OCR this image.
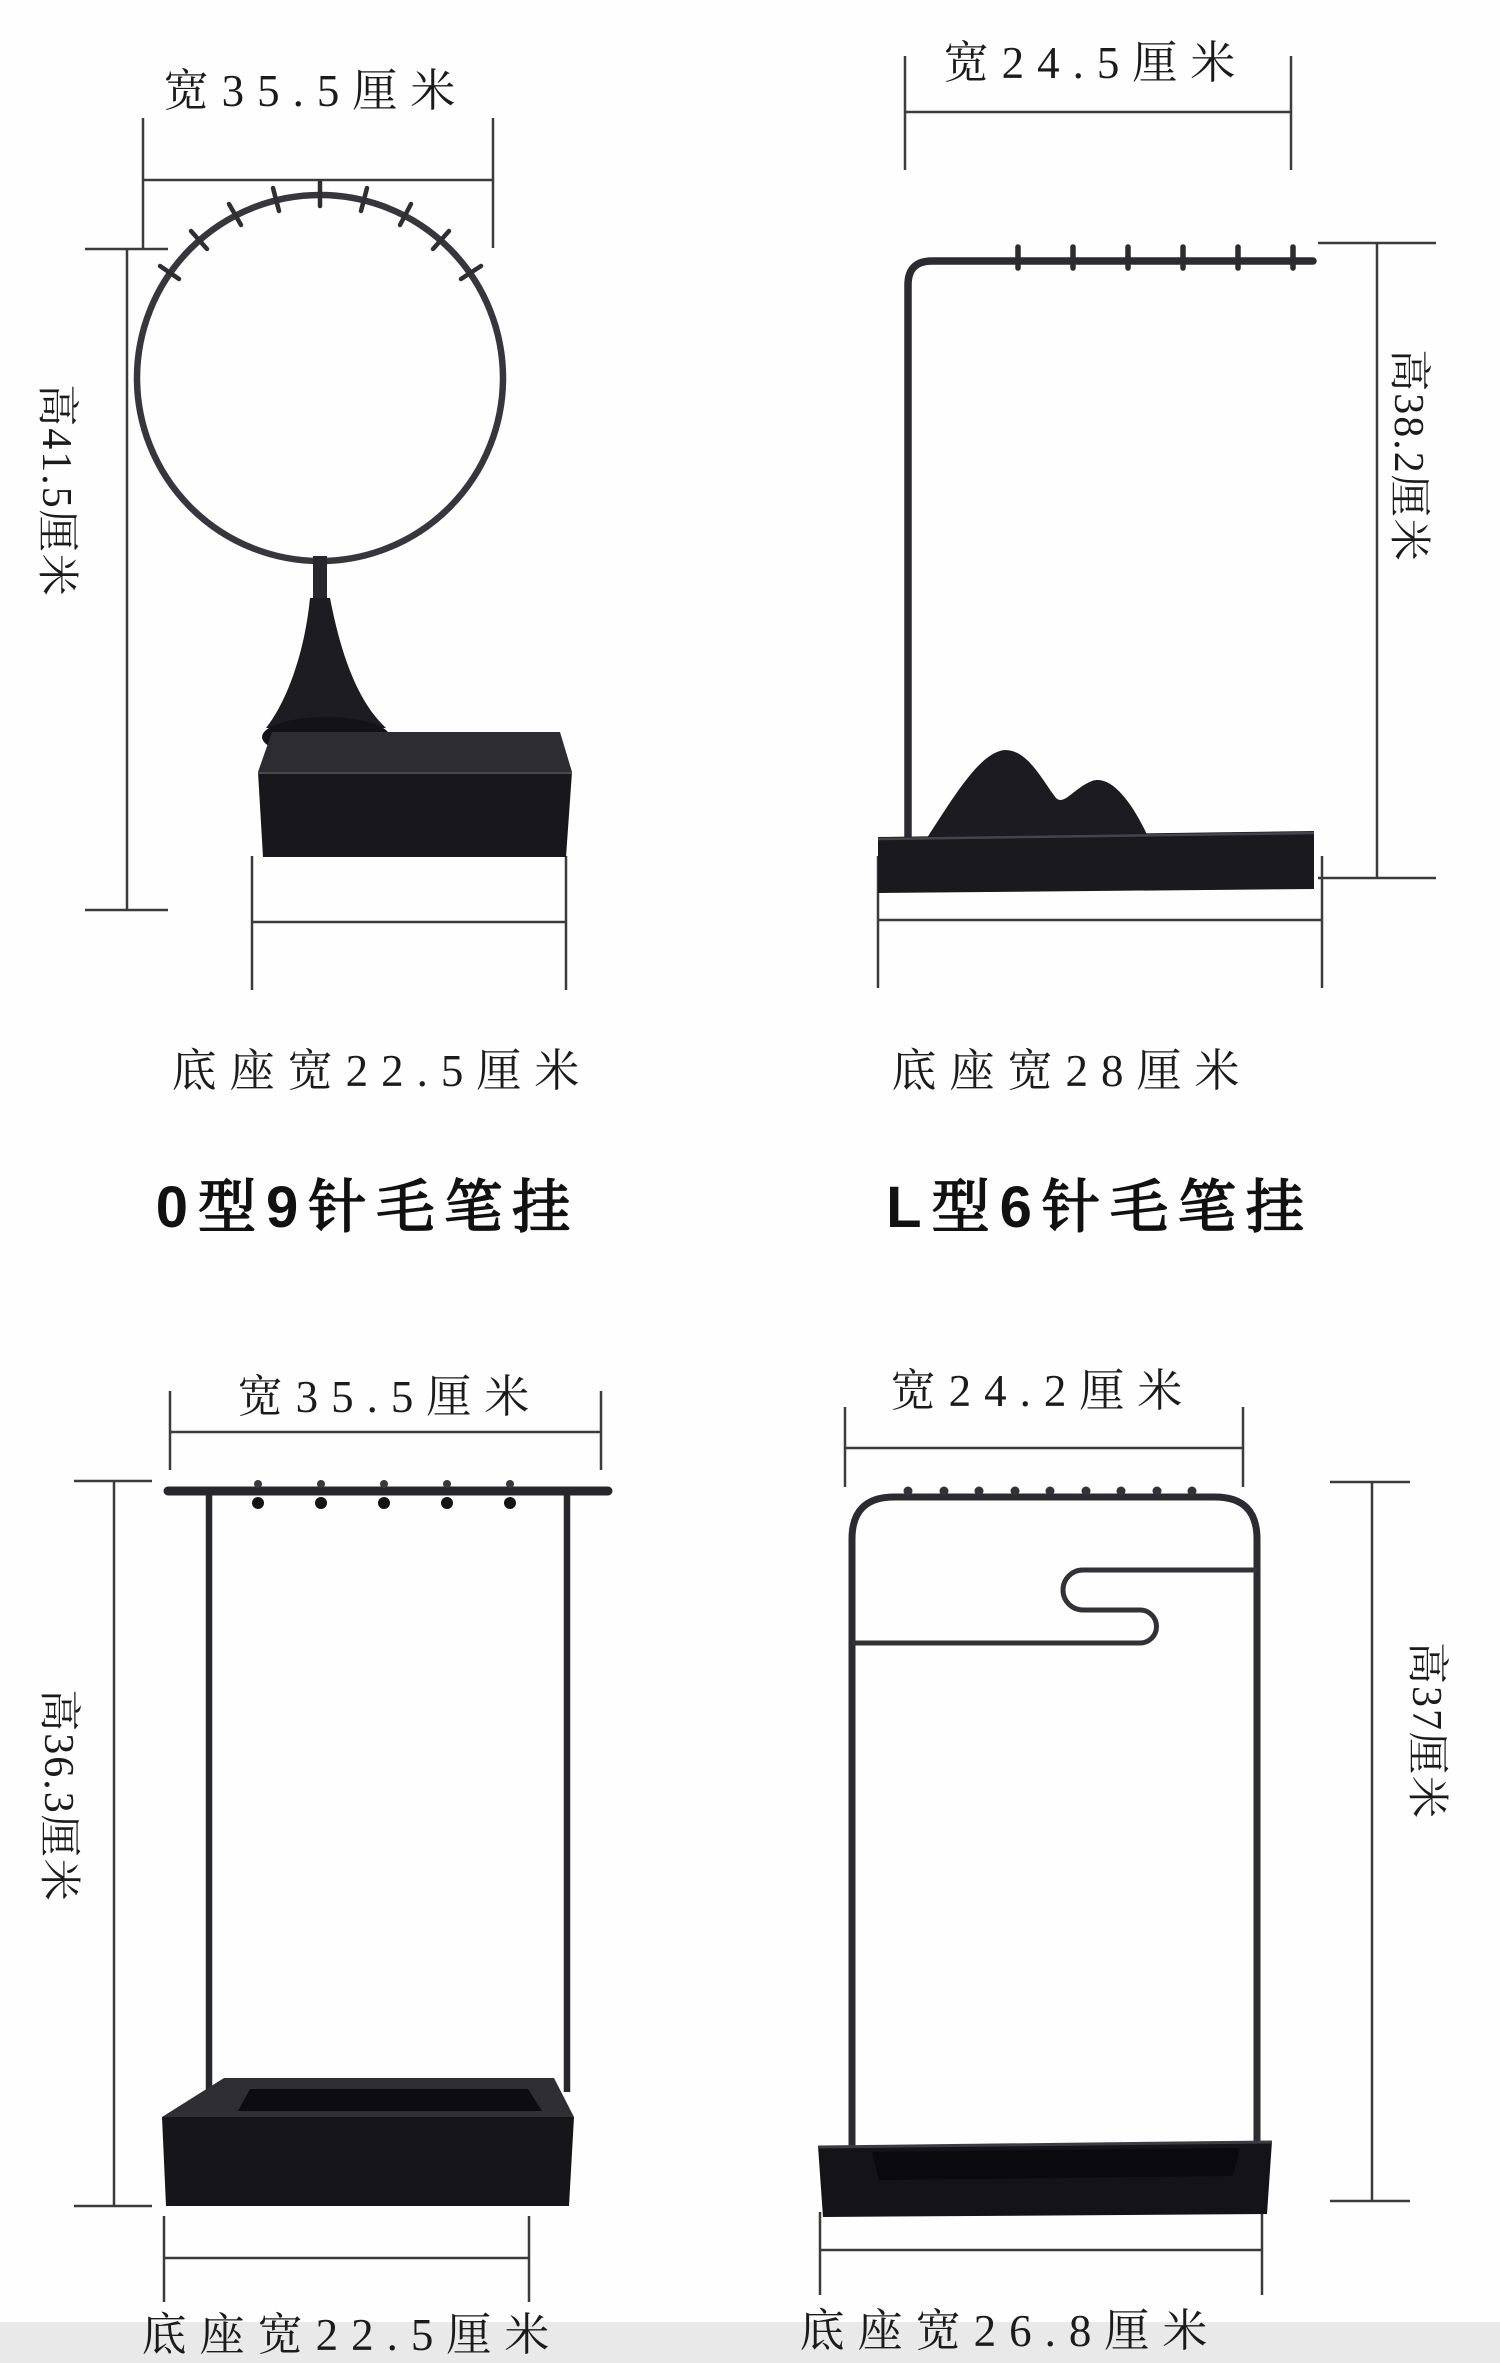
宽35.5厘米
宽24.5厘米
高41.5厘米	高38.2厘米
底座宽22.5厘米	底座宽28厘米
0型9针毛笔挂	L型6针毛笔挂
宽35.5厘米	宽24.2厘米
高36.3厘米	高37厘米
底座宽22.5厘米	底座宽26.8厘米
